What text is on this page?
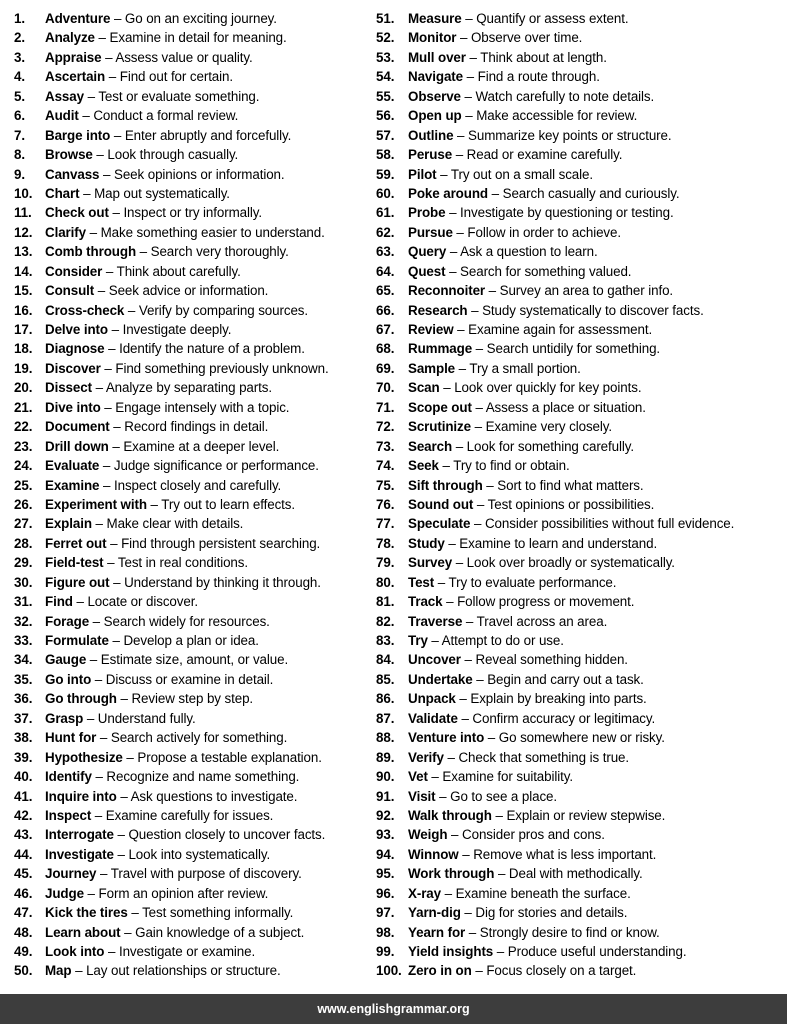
1. Adventure – Go on an exciting journey.
2. Analyze – Examine in detail for meaning.
3. Appraise – Assess value or quality.
4. Ascertain – Find out for certain.
5. Assay – Test or evaluate something.
6. Audit – Conduct a formal review.
7. Barge into – Enter abruptly and forcefully.
8. Browse – Look through casually.
9. Canvass – Seek opinions or information.
10. Chart – Map out systematically.
11. Check out – Inspect or try informally.
12. Clarify – Make something easier to understand.
13. Comb through – Search very thoroughly.
14. Consider – Think about carefully.
15. Consult – Seek advice or information.
16. Cross-check – Verify by comparing sources.
17. Delve into – Investigate deeply.
18. Diagnose – Identify the nature of a problem.
19. Discover – Find something previously unknown.
20. Dissect – Analyze by separating parts.
21. Dive into – Engage intensely with a topic.
22. Document – Record findings in detail.
23. Drill down – Examine at a deeper level.
24. Evaluate – Judge significance or performance.
25. Examine – Inspect closely and carefully.
26. Experiment with – Try out to learn effects.
27. Explain – Make clear with details.
28. Ferret out – Find through persistent searching.
29. Field-test – Test in real conditions.
30. Figure out – Understand by thinking it through.
31. Find – Locate or discover.
32. Forage – Search widely for resources.
33. Formulate – Develop a plan or idea.
34. Gauge – Estimate size, amount, or value.
35. Go into – Discuss or examine in detail.
36. Go through – Review step by step.
37. Grasp – Understand fully.
38. Hunt for – Search actively for something.
39. Hypothesize – Propose a testable explanation.
40. Identify – Recognize and name something.
41. Inquire into – Ask questions to investigate.
42. Inspect – Examine carefully for issues.
43. Interrogate – Question closely to uncover facts.
44. Investigate – Look into systematically.
45. Journey – Travel with purpose of discovery.
46. Judge – Form an opinion after review.
47. Kick the tires – Test something informally.
48. Learn about – Gain knowledge of a subject.
49. Look into – Investigate or examine.
50. Map – Lay out relationships or structure.
51. Measure – Quantify or assess extent.
52. Monitor – Observe over time.
53. Mull over – Think about at length.
54. Navigate – Find a route through.
55. Observe – Watch carefully to note details.
56. Open up – Make accessible for review.
57. Outline – Summarize key points or structure.
58. Peruse – Read or examine carefully.
59. Pilot – Try out on a small scale.
60. Poke around – Search casually and curiously.
61. Probe – Investigate by questioning or testing.
62. Pursue – Follow in order to achieve.
63. Query – Ask a question to learn.
64. Quest – Search for something valued.
65. Reconnoiter – Survey an area to gather info.
66. Research – Study systematically to discover facts.
67. Review – Examine again for assessment.
68. Rummage – Search untidily for something.
69. Sample – Try a small portion.
70. Scan – Look over quickly for key points.
71. Scope out – Assess a place or situation.
72. Scrutinize – Examine very closely.
73. Search – Look for something carefully.
74. Seek – Try to find or obtain.
75. Sift through – Sort to find what matters.
76. Sound out – Test opinions or possibilities.
77. Speculate – Consider possibilities without full evidence.
78. Study – Examine to learn and understand.
79. Survey – Look over broadly or systematically.
80. Test – Try to evaluate performance.
81. Track – Follow progress or movement.
82. Traverse – Travel across an area.
83. Try – Attempt to do or use.
84. Uncover – Reveal something hidden.
85. Undertake – Begin and carry out a task.
86. Unpack – Explain by breaking into parts.
87. Validate – Confirm accuracy or legitimacy.
88. Venture into – Go somewhere new or risky.
89. Verify – Check that something is true.
90. Vet – Examine for suitability.
91. Visit – Go to see a place.
92. Walk through – Explain or review stepwise.
93. Weigh – Consider pros and cons.
94. Winnow – Remove what is less important.
95. Work through – Deal with methodically.
96. X-ray – Examine beneath the surface.
97. Yarn-dig – Dig for stories and details.
98. Yearn for – Strongly desire to find or know.
99. Yield insights – Produce useful understanding.
100. Zero in on – Focus closely on a target.
www.englishgrammar.org
